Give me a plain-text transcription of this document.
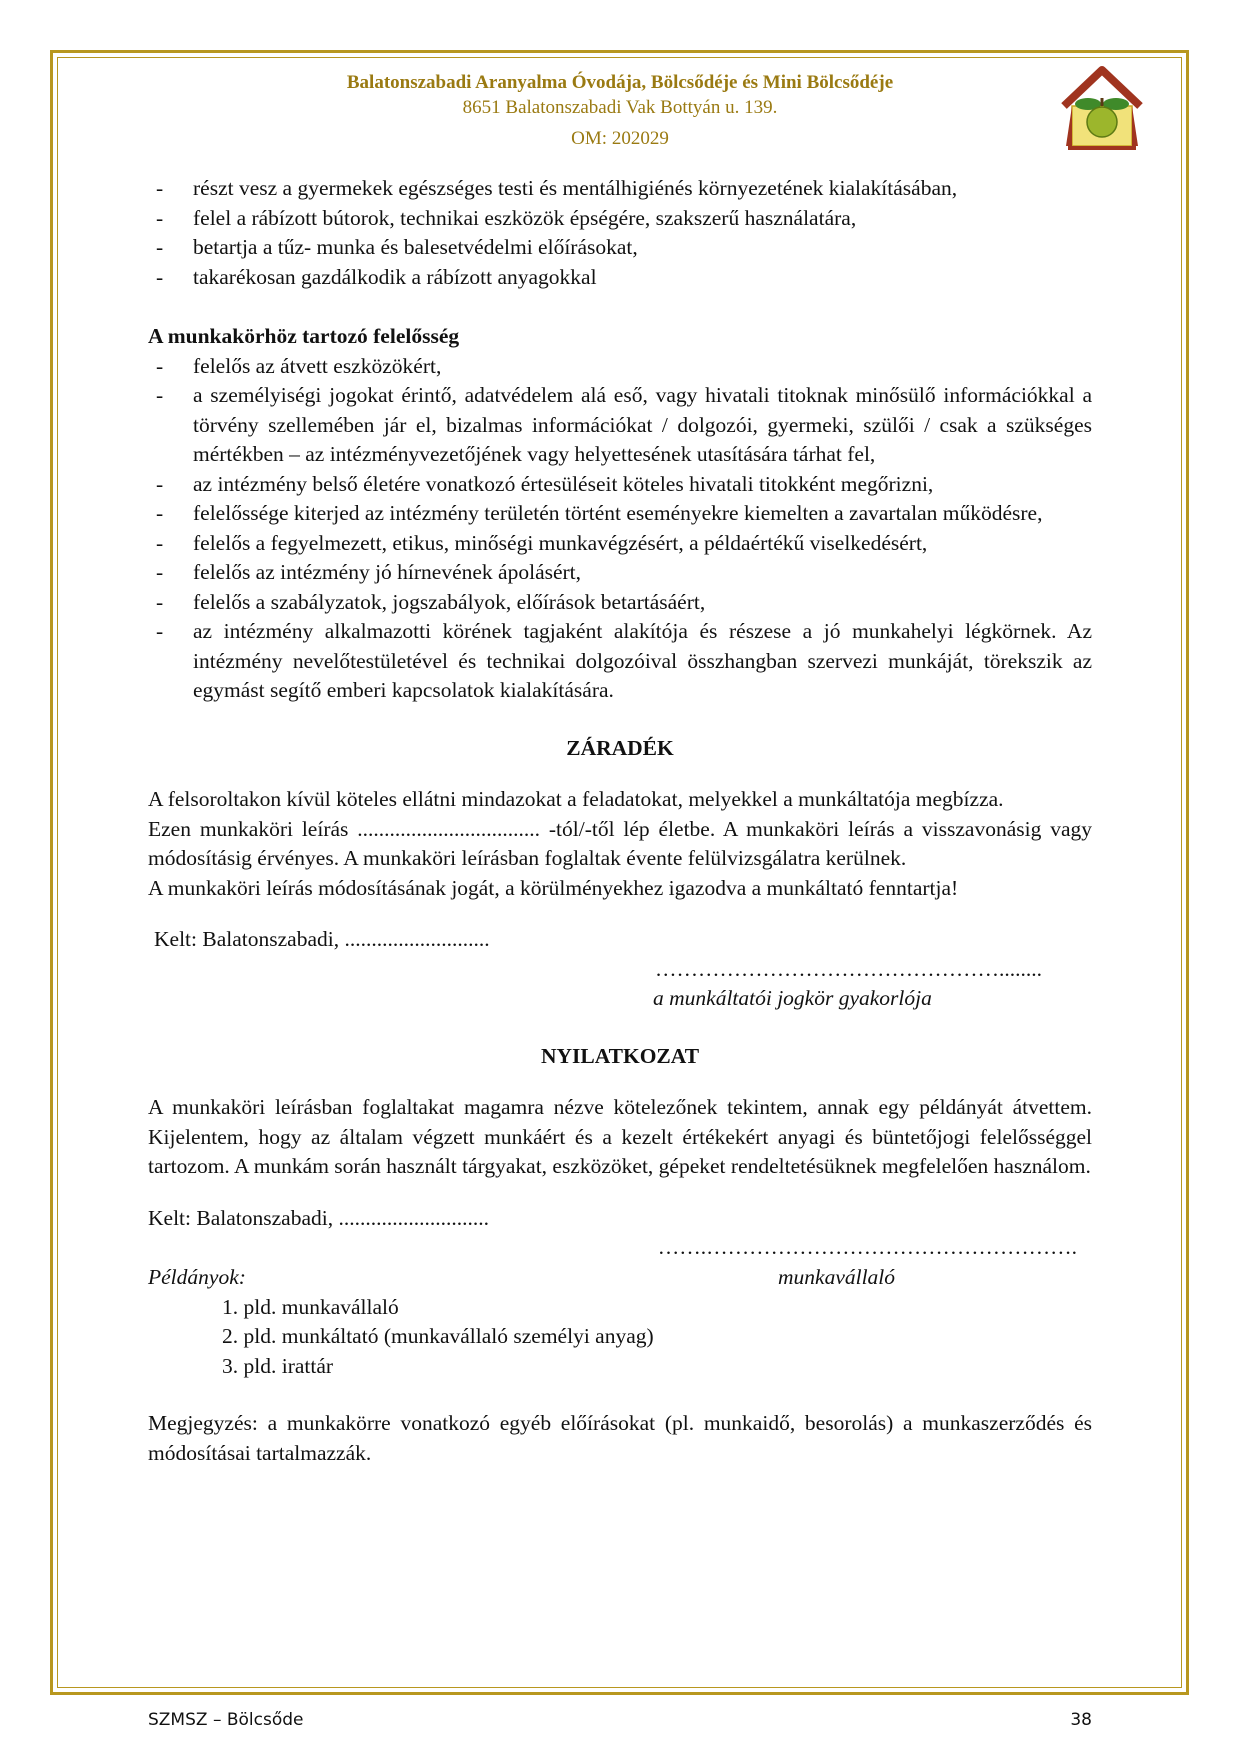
Balatonszabadi Aranyalma Óvodája, Bölcsődéje és Mini Bölcsődéje
8651 Balatonszabadi Vak Bottyán u. 139.
OM: 202029
- részt vesz a gyermekek egészséges testi és mentálhigiénés környezetének kialakításában,
- felel a rábízott bútorok, technikai eszközök épségére, szakszerű használatára,
- betartja a tűz- munka és balesetvédelmi előírásokat,
- takarékosan gazdálkodik a rábízott anyagokkal
A munkakörhöz tartozó felelősség
- felelős az átvett eszközökért,
- a személyiségi jogokat érintő, adatvédelem alá eső, vagy hivatali titoknak minősülő információkkal a törvény szellemében jár el, bizalmas információkat / dolgozói, gyermeki, szülői / csak a szükséges mértékben – az intézményvezetőjének vagy helyettesének utasítására tárhat fel,
- az intézmény belső életére vonatkozó értesüléseit köteles hivatali titokként megőrizni,
- felelőssége kiterjed az intézmény területén történt eseményekre kiemelten a zavartalan működésre,
- felelős a fegyelmezett, etikus, minőségi munkavégzésért, a példaértékű viselkedésért,
- felelős az intézmény jó hírnevének ápolásért,
- felelős a szabályzatok, jogszabályok, előírások betartásáért,
- az intézmény alkalmazotti körének tagjaként alakítója és részese a jó munkahelyi légkörnek. Az intézmény nevelőtestületével és technikai dolgozóival összhangban szervezi munkáját, törekszik az egymást segítő emberi kapcsolatok kialakítására.
ZÁRADÉK

A felsoroltakon kívül köteles ellátni mindazokat a feladatokat, melyekkel a munkáltatója megbízza.

Ezen munkaköri leírás .................................. -tól/-től lép életbe. A munkaköri leírás a visszavonásig vagy módosításig érvényes. A munkaköri leírásban foglaltak évente felülvizsgálatra kerülnek.

A munkaköri leírás módosításának jogát, a körülményekhez igazodva a munkáltató fenntartja!

Kelt: Balatonszabadi, ...........................
…………………………………………........
a munkáltatói jogkör gyakorlója
NYILATKOZAT

A munkaköri leírásban foglaltakat magamra nézve kötelezőnek tekintem, annak egy példányát átvettem. Kijelentem, hogy az általam végzett munkáért és a kezelt értékekért anyagi és büntetőjogi felelősséggel tartozom. A munkám során használt tárgyakat, eszközöket, gépeket rendeltetésüknek megfelelően használom.

Kelt: Balatonszabadi, ............................
…….…………………………………………….
Példányok:	munkavállaló
1. pld. munkavállaló
2. pld. munkáltató (munkavállaló személyi anyag)
3. pld. irattár

Megjegyzés: a munkakörre vonatkozó egyéb előírásokat (pl. munkaidő, besorolás) a munkaszerződés és módosításai tartalmazzák.

SZMSZ – Bölcsőde	38
